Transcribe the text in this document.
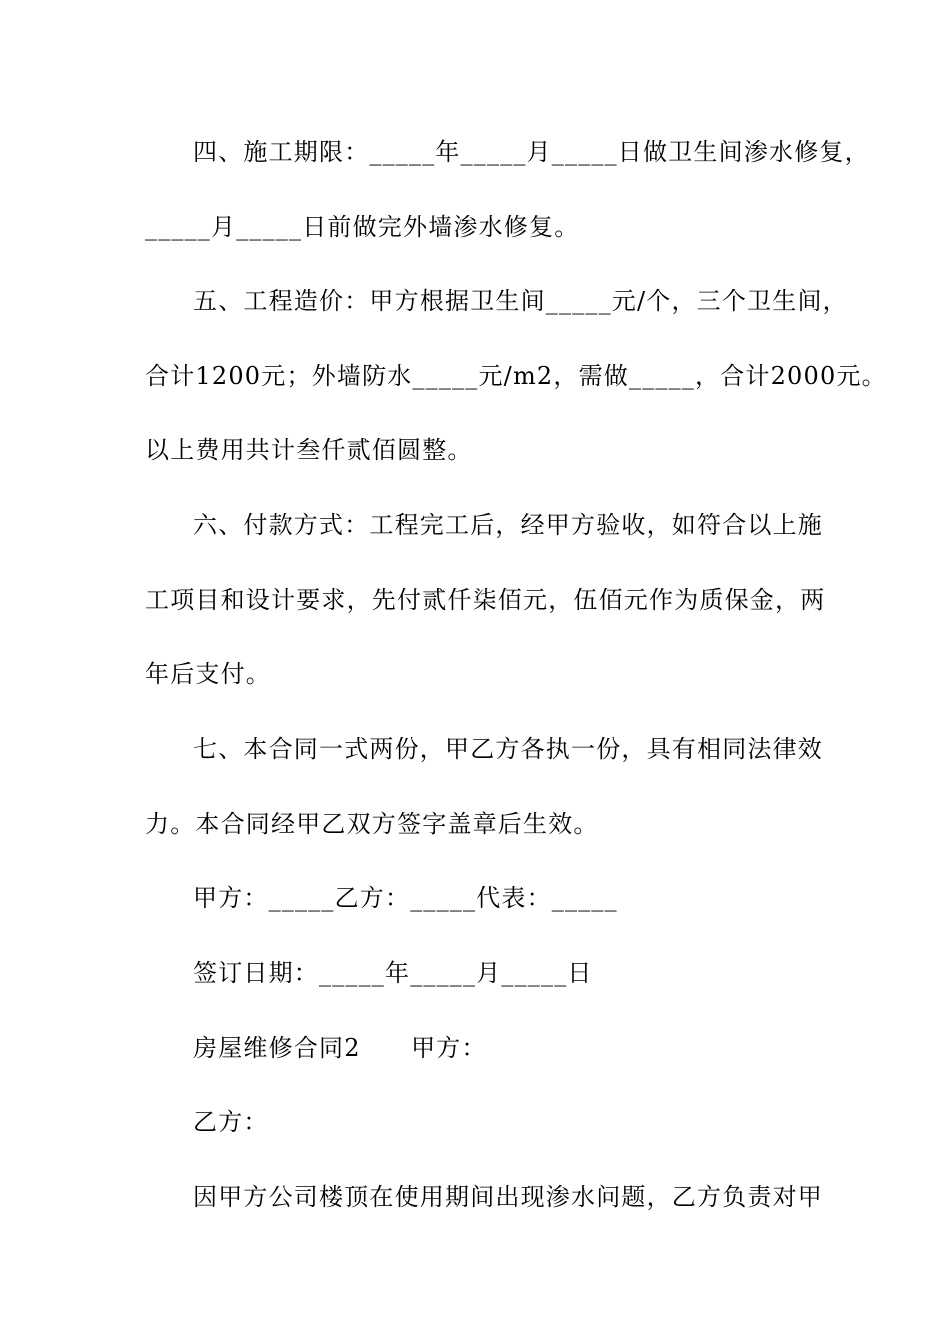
四、施工期限：_____年_____月_____日做卫生间渗水修复，
_____月_____日前做完外墙渗水修复。
五、工程造价：甲方根据卫生间_____元/个，三个卫生间，
合计1200元；外墙防水_____元/m2，需做_____，合计2000元。
以上费用共计叁仟贰佰圆整。
六、付款方式：工程完工后，经甲方验收，如符合以上施
工项目和设计要求，先付贰仟柒佰元，伍佰元作为质保金，两
年后支付。
七、本合同一式两份，甲乙方各执一份，具有相同法律效
力。本合同经甲乙双方签字盖章后生效。
甲方：_____乙方：_____代表：_____
签订日期：_____年_____月_____日
房屋维修合同2　　甲方：
乙方：
因甲方公司楼顶在使用期间出现渗水问题，乙方负责对甲
